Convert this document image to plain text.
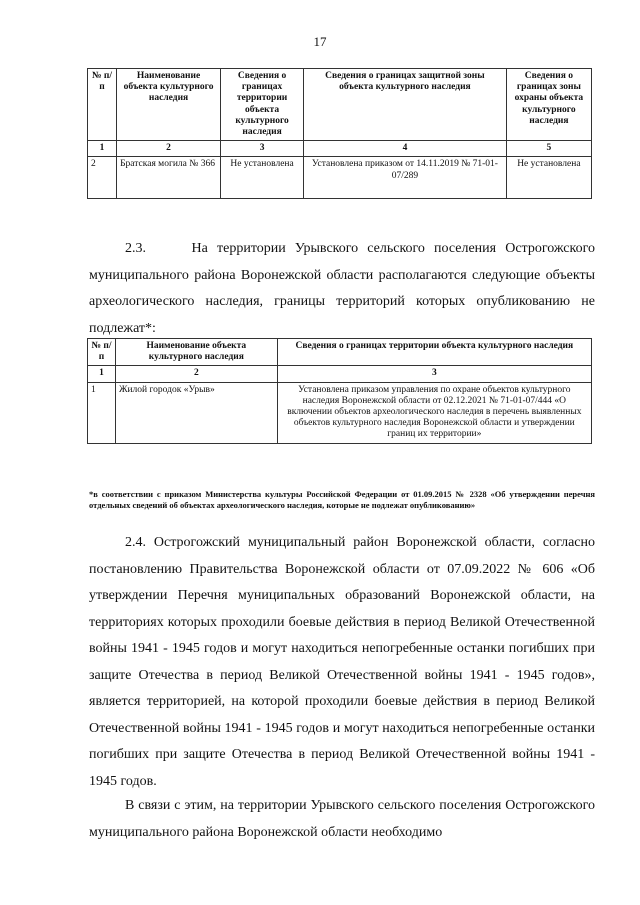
17
№ п/п	Наименование объекта культурного наследия	Сведения о границах территории объекта культурного наследия	Сведения о границах защитной зоны объекта культурного наследия	Сведения о границах зоны охраны объекта культурного наследия
1	2	3	4	5
2	Братская могила № 366	Не установлена	Установлена приказом от 14.11.2019 № 71-01-07/289	Не установлена
2.3.     На территории Урывского сельского поселения Острогожского муниципального района Воронежской области располагаются следующие объекты археологического наследия, границы территорий которых опубликованию не подлежат*:
№ п/п	Наименование объекта культурного наследия	Сведения о границах территории объекта культурного наследия
1	2	3
1	Жилой городок «Урыв»	Установлена приказом управления по охране объектов культурного наследия Воронежской области от 02.12.2021 № 71-01-07/444 «О включении объектов археологического наследия в перечень выявленных объектов культурного наследия Воронежской области и утверждении границ их территории»
*в соответствии с приказом Министерства культуры Российской Федерации от 01.09.2015 № 2328 «Об утверждении перечня отдельных сведений об объектах археологического наследия, которые не подлежат опубликованию»
2.4. Острогожский муниципальный район Воронежской области, согласно постановлению Правительства Воронежской области от 07.09.2022 № 606 «Об утверждении Перечня муниципальных образований Воронежской области, на территориях которых проходили боевые действия в период Великой Отечественной войны 1941 - 1945 годов и могут находиться непогребенные останки погибших при защите Отечества в период Великой Отечественной войны 1941 - 1945 годов», является территорией, на которой проходили боевые действия в период Великой Отечественной войны 1941 - 1945 годов и могут находиться непогребенные останки погибших при защите Отечества в период Великой Отечественной войны 1941 - 1945 годов.
В связи с этим, на территории Урывского сельского поселения Острогожского муниципального района Воронежской области необходимо
